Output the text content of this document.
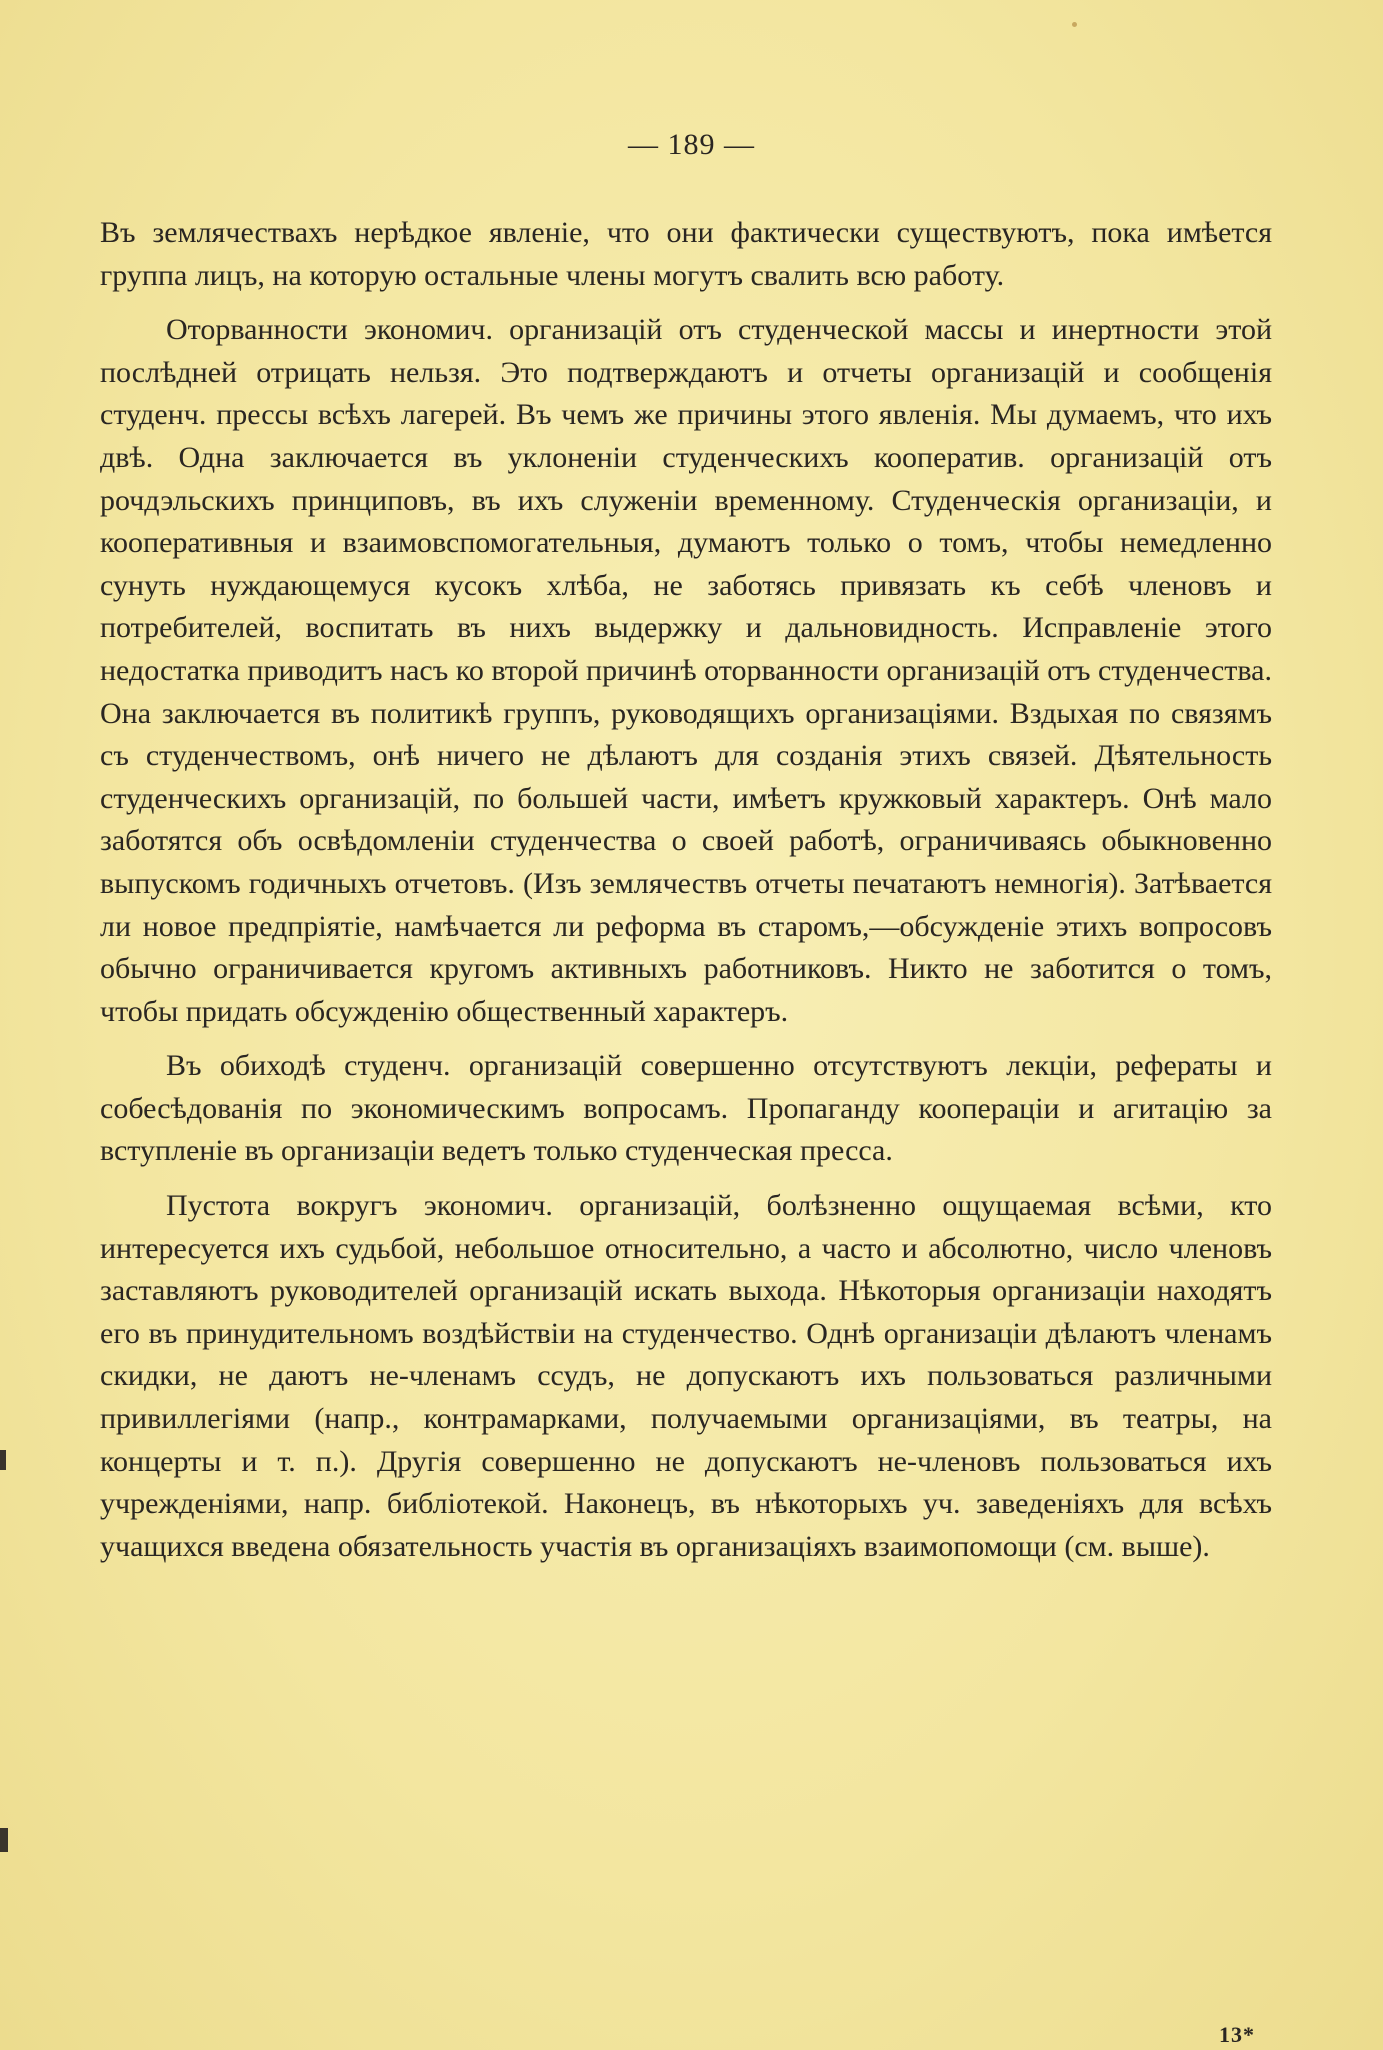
— 189 —

Въ землячествахъ нерѣдкое явленіе, что они фактически существуютъ, пока имѣется группа лицъ, на которую остальные члены могутъ свалить всю работу.

Оторванности экономич. организацій отъ студенческой массы и инертности этой послѣдней отрицать нельзя. Это подтверждаютъ и отчеты организацій и сообщенія студенч. прессы всѣхъ лагерей. Въ чемъ же причины этого явленія. Мы думаемъ, что ихъ двѣ. Одна заключается въ уклоненіи студенческихъ кооператив. организацій отъ рочдэльскихъ принциповъ, въ ихъ служеніи временному. Студенческія организаціи, и кооперативныя и взаимовспомогательныя, думаютъ только о томъ, чтобы немедленно сунуть нуждающемуся кусокъ хлѣба, не заботясь привязать къ себѣ членовъ и потребителей, воспитать въ нихъ выдержку и дальновидность. Исправленіе этого недостатка приводитъ насъ ко второй причинѣ оторванности организацій отъ студенчества. Она заключается въ политикѣ группъ, руководящихъ организаціями. Вздыхая по связямъ съ студенчествомъ, онѣ ничего не дѣлаютъ для созданія этихъ связей. Дѣятельность студенческихъ организацій, по большей части, имѣетъ кружковый характеръ. Онѣ мало заботятся объ освѣдомленіи студенчества о своей работѣ, ограничиваясь обыкновенно выпускомъ годичныхъ отчетовъ. (Изъ землячествъ отчеты печатаютъ немногія). Затѣвается ли новое предпріятіе, намѣчается ли реформа въ старомъ,—обсужденіе этихъ вопросовъ обычно ограничивается кругомъ активныхъ работниковъ. Никто не заботится о томъ, чтобы придать обсужденію общественный характеръ.

Въ обиходѣ студенч. организацій совершенно отсутствуютъ лекціи, рефераты и собесѣдованія по экономическимъ вопросамъ. Пропаганду коопераціи и агитацію за вступленіе въ организаціи ведетъ только студенческая пресса.

Пустота вокругъ экономич. организацій, болѣзненно ощущаемая всѣми, кто интересуется ихъ судьбой, небольшое относительно, а часто и абсолютно, число членовъ заставляютъ руководителей организацій искать выхода. Нѣкоторыя организаціи находятъ его въ принудительномъ воздѣйствіи на студенчество. Однѣ организаціи дѣлаютъ членамъ скидки, не даютъ не-членамъ ссудъ, не допускаютъ ихъ пользоваться различными привиллегіями (напр., контрамарками, получаемыми организаціями, въ театры, на концерты и т. п.). Другія совершенно не допускаютъ не-членовъ пользоваться ихъ учрежденіями, напр. библіотекой. Наконецъ, въ нѣкоторыхъ уч. заведеніяхъ для всѣхъ учащихся введена обязательность участія въ организаціяхъ взаимопомощи (см. выше).

13*
